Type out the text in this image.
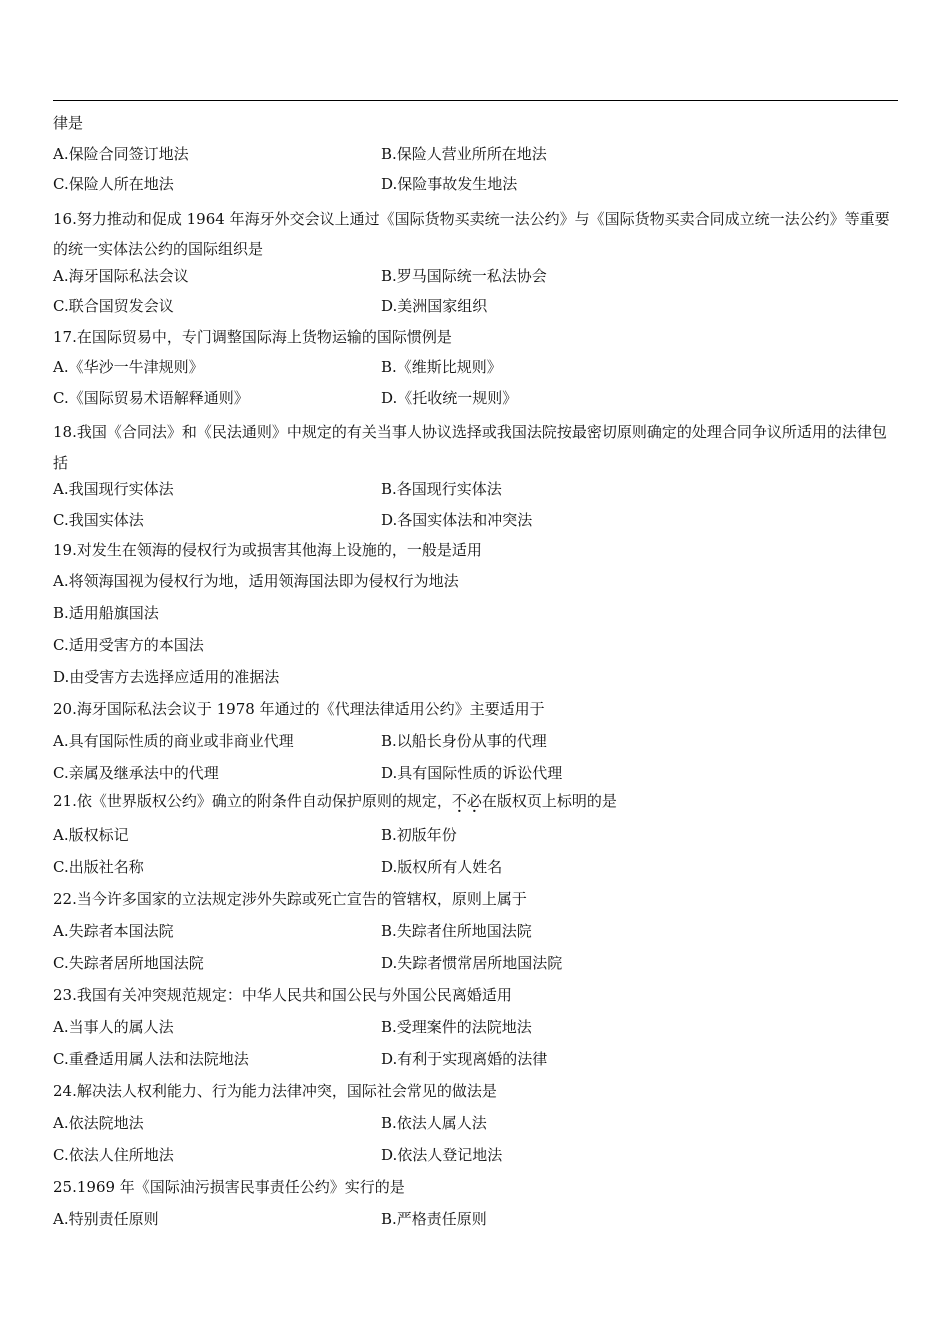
律是
A.保险合同签订地法	B.保险人营业所所在地法
C.保险人所在地法	D.保险事故发生地法
16.努力推动和促成 1964 年海牙外交会议上通过《国际货物买卖统一法公约》与《国际货物买卖合同成立统一法公约》等重要的统一实体法公约的国际组织是
A.海牙国际私法会议	B.罗马国际统一私法协会
C.联合国贸发会议	D.美洲国家组织
17.在国际贸易中，专门调整国际海上货物运输的国际惯例是
A.《华沙一牛津规则》	B.《维斯比规则》
C.《国际贸易术语解释通则》	D.《托收统一规则》
18.我国《合同法》和《民法通则》中规定的有关当事人协议选择或我国法院按最密切原则确定的处理合同争议所适用的法律包括
A.我国现行实体法	B.各国现行实体法
C.我国实体法	D.各国实体法和冲突法
19.对发生在领海的侵权行为或损害其他海上设施的，一般是适用
A.将领海国视为侵权行为地，适用领海国法即为侵权行为地法
B.适用船旗国法
C.适用受害方的本国法
D.由受害方去选择应适用的准据法
20.海牙国际私法会议于 1978 年通过的《代理法律适用公约》主要适用于
A.具有国际性质的商业或非商业代理	B.以船长身份从事的代理
C.亲属及继承法中的代理	D.具有国际性质的诉讼代理
21.依《世界版权公约》确立的附条件自动保护原则的规定，不必在版权页上标明的是
A.版权标记	B.初版年份
C.出版社名称	D.版权所有人姓名
22.当今许多国家的立法规定涉外失踪或死亡宣告的管辖权，原则上属于
A.失踪者本国法院	B.失踪者住所地国法院
C.失踪者居所地国法院	D.失踪者惯常居所地国法院
23.我国有关冲突规范规定：中华人民共和国公民与外国公民离婚适用
A.当事人的属人法	B.受理案件的法院地法
C.重叠适用属人法和法院地法	D.有利于实现离婚的法律
24.解决法人权利能力、行为能力法律冲突，国际社会常见的做法是
A.依法院地法	B.依法人属人法
C.依法人住所地法	D.依法人登记地法
25.1969 年《国际油污损害民事责任公约》实行的是
A.特别责任原则	B.严格责任原则
